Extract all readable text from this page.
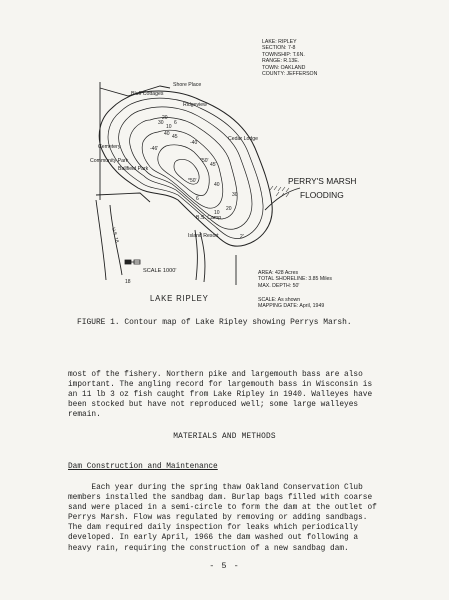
Bluff Cottages
Shore Place
Ridgeview
Cedar Lodge
Cemetery
Community Park
Ballfield Park
B.S. Camp
Island Resort
SCALE 1000'
U.S. 18
18
6
10
20
30
40 45
-46'
*50'
*50'
2'
6
10
20
30
40
45'
-40
PERRY'S MARSH
FLOODING
LAKE RIPLEY
LAKE: RIPLEY
SECTION: 7-8
TOWNSHIP: T.6N.
RANGE: R.13E.
TOWN: OAKLAND
COUNTY: JEFFERSON
AREA: 428 Acres
TOTAL SHORELINE: 3.85 Miles
MAX. DEPTH: 50'
SCALE: As shown
MAPPING DATE: April, 1949
FIGURE 1. Contour map of Lake Ripley showing Perrys Marsh.
most of the fishery. Northern pike and largemouth bass are also
important. The angling record for largemouth bass in Wisconsin is
an 11 lb 3 oz fish caught from Lake Ripley in 1940. Walleyes have
been stocked but have not reproduced well; some large walleyes
remain.
MATERIALS AND METHODS
Dam Construction and Maintenance
Each year during the spring thaw Oakland Conservation Club
members installed the sandbag dam. Burlap bags filled with coarse
sand were placed in a semi-circle to form the dam at the outlet of
Perrys Marsh. Flow was regulated by removing or adding sandbags.
The dam required daily inspection for leaks which periodically
developed. In early April, 1966 the dam washed out following a
heavy rain, requiring the construction of a new sandbag dam.
- 5 -
